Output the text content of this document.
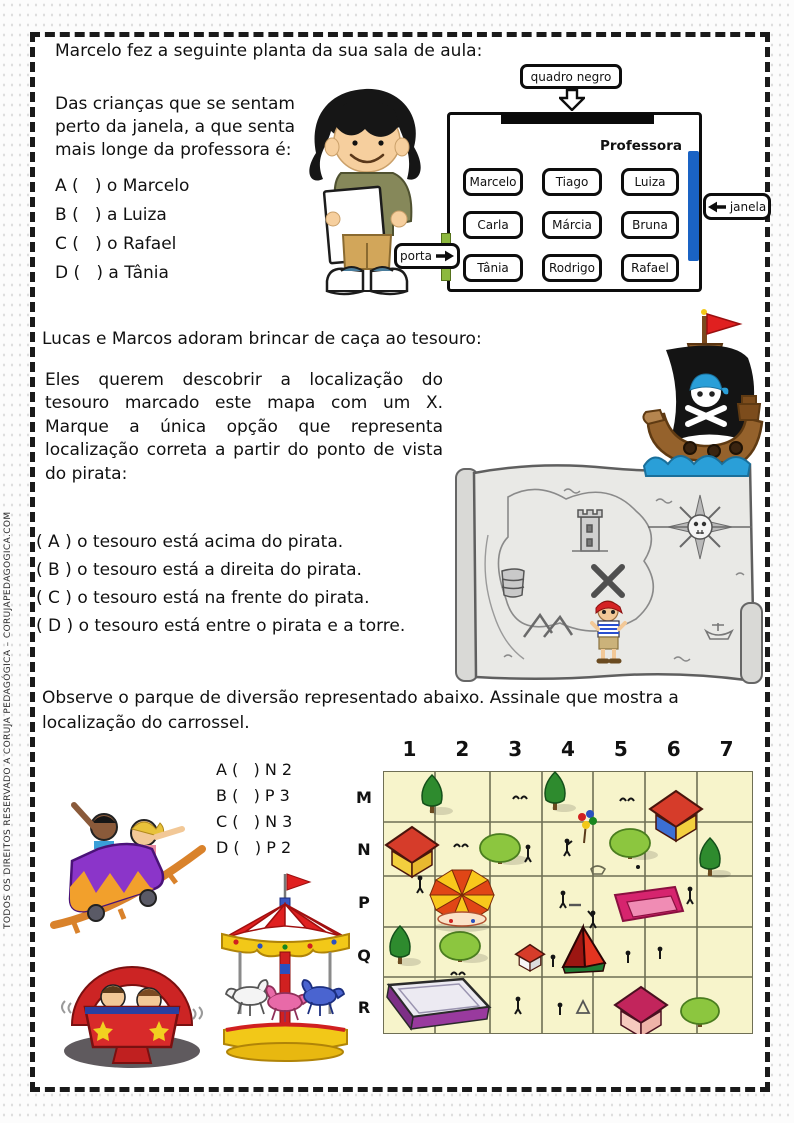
TODOS OS DIREITOS RESERVADO A CORUJA PEDAGÓGICA – CORUJAPEDAGOGICA.COM
Marcelo fez a seguinte planta da sua sala de aula:
Das crianças que se sentam perto da janela, a que senta mais longe da professora é:
A (   ) o Marcelo
B (   ) a Luiza
C (   ) o Rafael
D (   ) a Tânia
quadro negro
Professora
Marcelo	Tiago	Luiza
Carla	Márcia	Bruna
Tânia	Rodrigo	Rafael
janela
porta
Lucas e Marcos adoram brincar de caça ao tesouro:
Eles querem descobrir a localização do tesouro marcado este mapa com um X. Marque a única opção que representa localização correta a partir do ponto de vista do pirata:
( A ) o tesouro está acima do pirata.
( B ) o tesouro está a direita do pirata.
( C ) o tesouro está na frente do pirata.
( D ) o tesouro está entre o pirata e a torre.
Observe o parque de diversão representado abaixo. Assinale que mostra a localização do carrossel.
A (   ) N 2
B (   ) P 3
C (   ) N 3
D (   ) P 2
1	2	3	4	5	6	7
M
N
P
Q
R
